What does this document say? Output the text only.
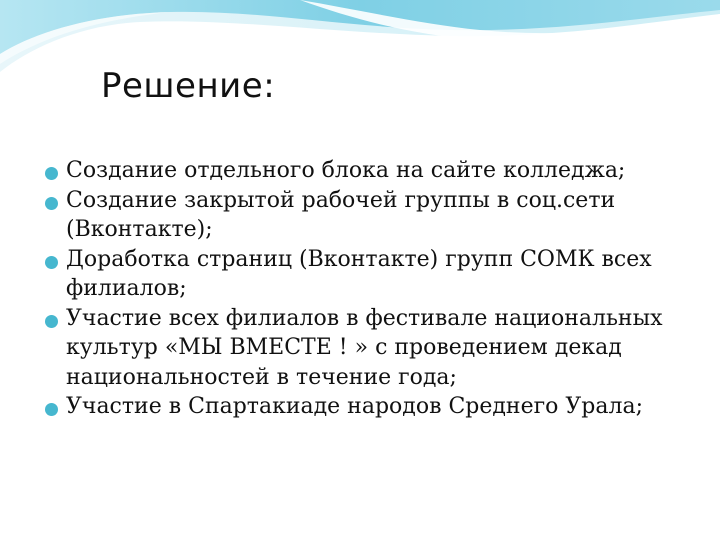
Решение:
Создание отдельного блока на сайте колледжа;
Создание закрытой рабочей группы в соц.сети (Вконтакте);
Доработка страниц (Вконтакте) групп СОМК всех филиалов;
Участие всех филиалов в фестивале национальных культур «МЫ ВМЕСТЕ ! » с проведением декад национальностей в течение года;
Участие в Спартакиаде народов Среднего Урала;
